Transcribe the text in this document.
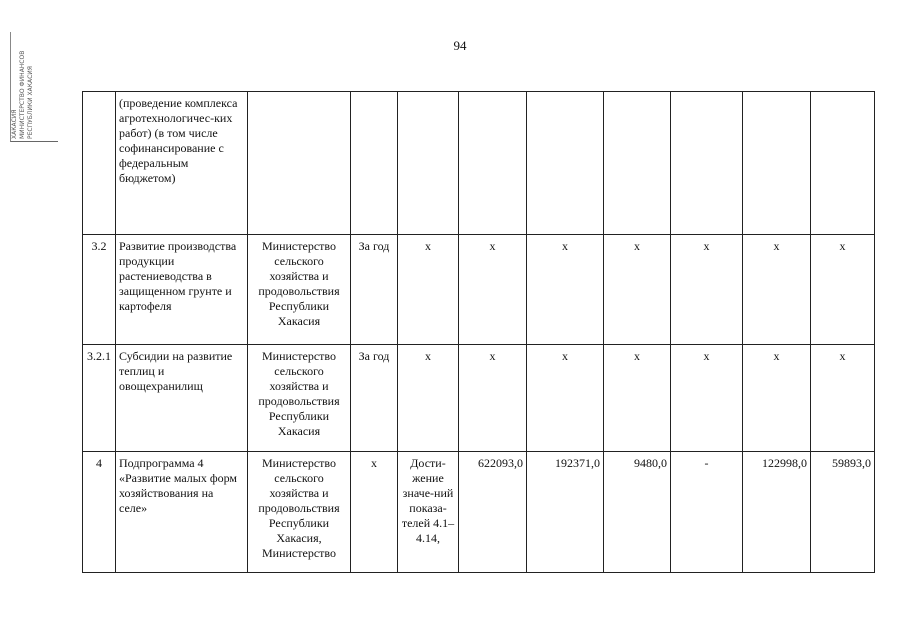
94
ХАКАСИЯ МИНИСТЕРСТВО ФИНАНСОВ РЕСПУБЛИКИ ХАКАСИЯ
		(проведение комплекса агротехнологичес-ких работ) (в том числе софинансирование с федеральным бюджетом)									
3.2	Развитие производства продукции растениеводства в защищенном грунте и картофеля	Министерство сельского хозяйства и продовольствия Республики Хакасия	За год	х	х	х	х	х	х	х
3.2.1	Субсидии на развитие теплиц и овощехранилищ	Министерство сельского хозяйства и продовольствия Республики Хакасия	За год	х	х	х	х	х	х	х
4	Подпрограмма 4 «Развитие малых форм хозяйствования на селе»	Министерство сельского хозяйства и продовольствия Республики Хакасия, Министерство	х	Дости-жение значе-ний показа-телей 4.1–4.14,	622093,0	192371,0	9480,0	-	122998,0	59893,0
